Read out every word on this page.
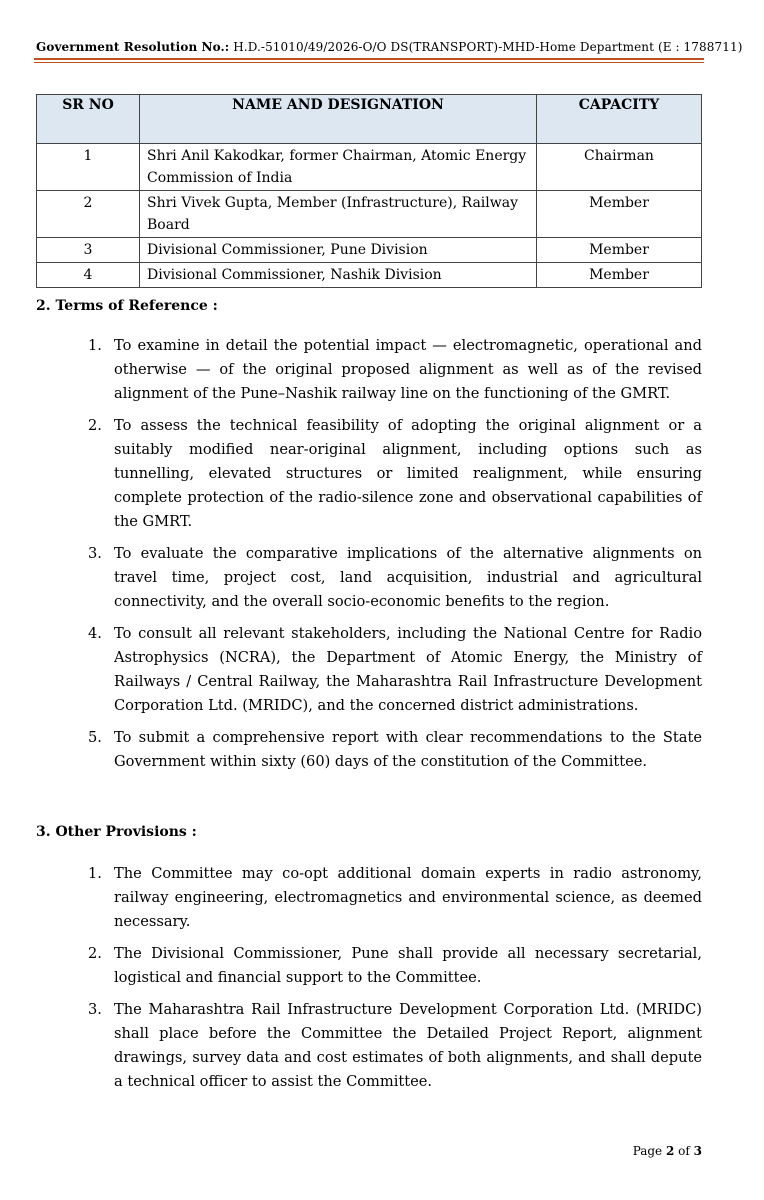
Government Resolution No.: H.D.-51010/49/2026-O/O DS(TRANSPORT)-MHD-Home Department (E : 1788711)
SR NO	NAME AND DESIGNATION	CAPACITY
1	Shri Anil Kakodkar, former Chairman, Atomic Energy Commission of India	Chairman
2	Shri Vivek Gupta, Member (Infrastructure), Railway Board	Member
3	Divisional Commissioner, Pune Division	Member
4	Divisional Commissioner, Nashik Division	Member
2. Terms of Reference :
1. To examine in detail the potential impact — electromagnetic, operational and otherwise — of the original proposed alignment as well as of the revised alignment of the Pune–Nashik railway line on the functioning of the GMRT.
2. To assess the technical feasibility of adopting the original alignment or a suitably modified near-original alignment, including options such as tunnelling, elevated structures or limited realignment, while ensuring complete protection of the radio-silence zone and observational capabilities of the GMRT.
3. To evaluate the comparative implications of the alternative alignments on travel time, project cost, land acquisition, industrial and agricultural connectivity, and the overall socio-economic benefits to the region.
4. To consult all relevant stakeholders, including the National Centre for Radio Astrophysics (NCRA), the Department of Atomic Energy, the Ministry of Railways / Central Railway, the Maharashtra Rail Infrastructure Development Corporation Ltd. (MRIDC), and the concerned district administrations.
5. To submit a comprehensive report with clear recommendations to the State Government within sixty (60) days of the constitution of the Committee.
3. Other Provisions :
1. The Committee may co-opt additional domain experts in radio astronomy, railway engineering, electromagnetics and environmental science, as deemed necessary.
2. The Divisional Commissioner, Pune shall provide all necessary secretarial, logistical and financial support to the Committee.
3. The Maharashtra Rail Infrastructure Development Corporation Ltd. (MRIDC) shall place before the Committee the Detailed Project Report, alignment drawings, survey data and cost estimates of both alignments, and shall depute a technical officer to assist the Committee.
Page 2 of 3
